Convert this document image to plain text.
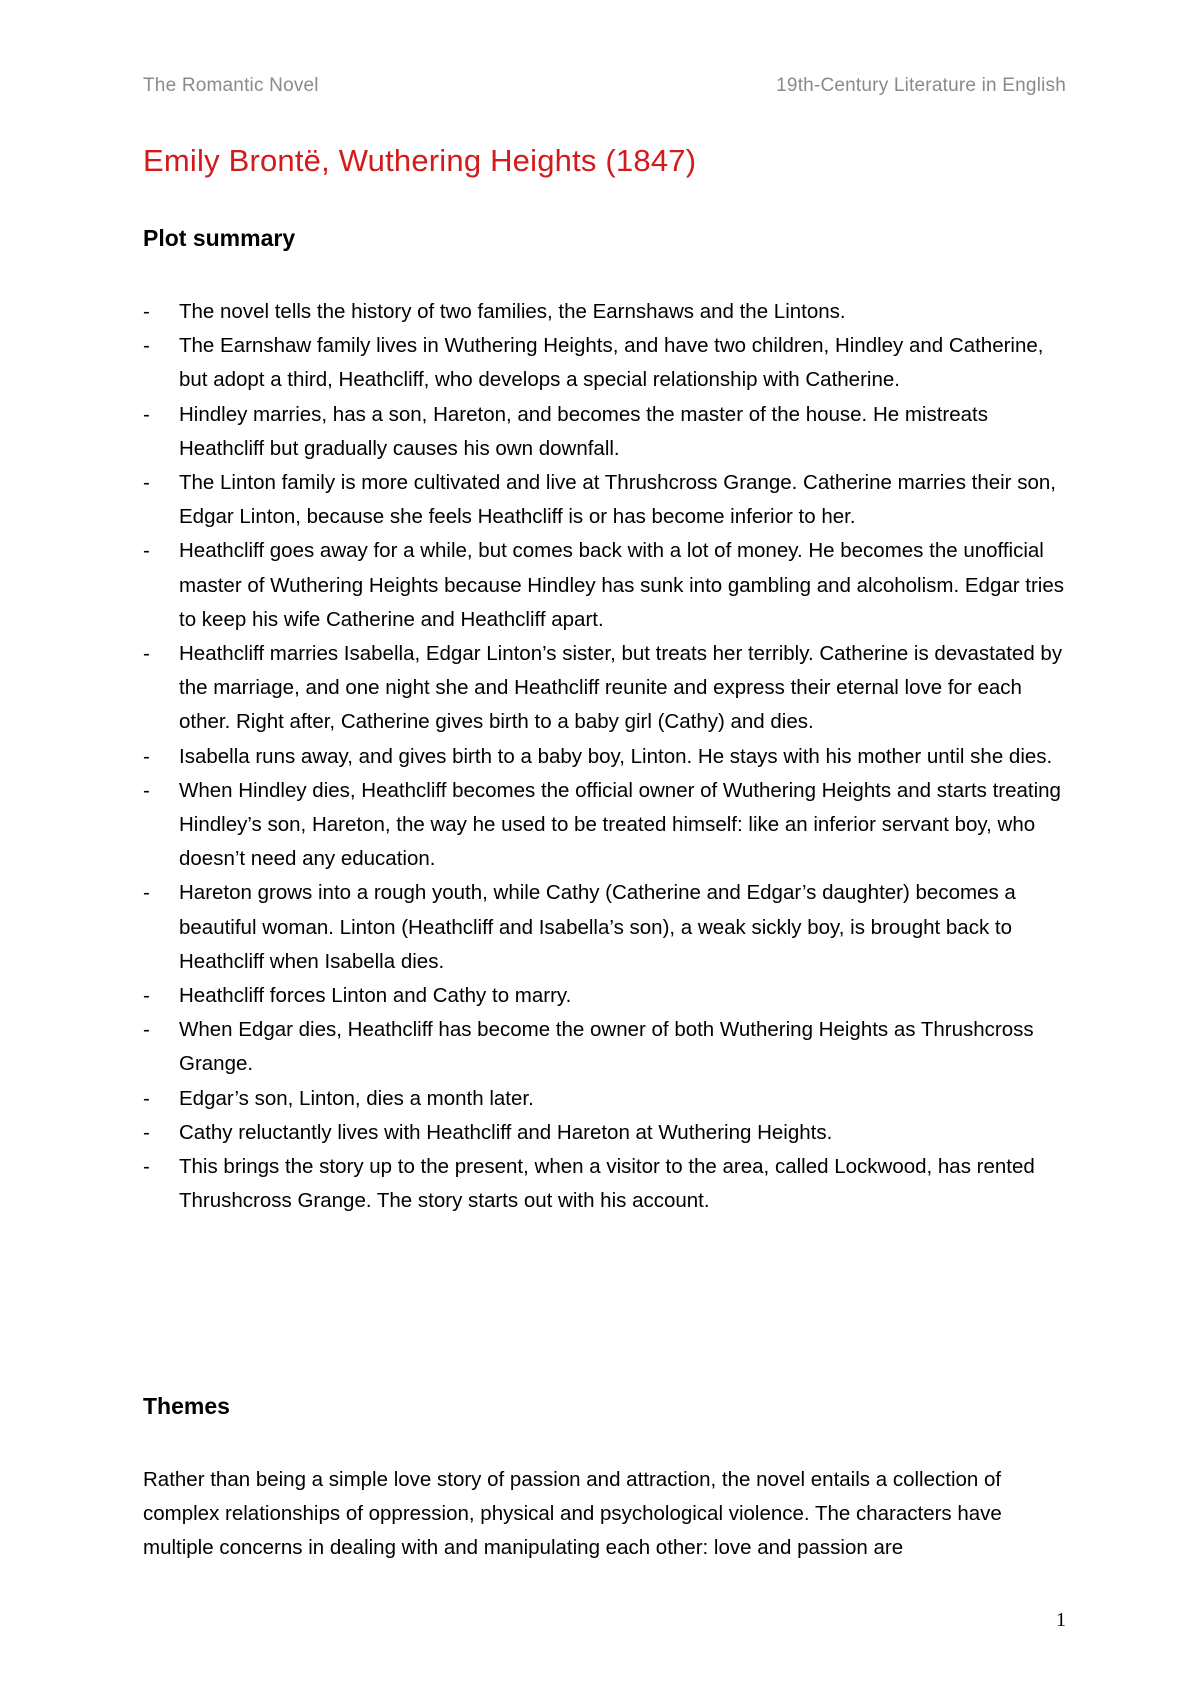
The Romantic Novel	19th-Century Literature in English
Emily Brontë, Wuthering Heights (1847)
Plot summary
- The novel tells the history of two families, the Earnshaws and the Lintons.
- The Earnshaw family lives in Wuthering Heights, and have two children, Hindley and Catherine, but adopt a third, Heathcliff, who develops a special relationship with Catherine.
- Hindley marries, has a son, Hareton, and becomes the master of the house. He mistreats Heathcliff but gradually causes his own downfall.
- The Linton family is more cultivated and live at Thrushcross Grange. Catherine marries their son, Edgar Linton, because she feels Heathcliff is or has become inferior to her.
- Heathcliff goes away for a while, but comes back with a lot of money. He becomes the unofficial master of Wuthering Heights because Hindley has sunk into gambling and alcoholism. Edgar tries to keep his wife Catherine and Heathcliff apart.
- Heathcliff marries Isabella, Edgar Linton’s sister, but treats her terribly. Catherine is devastated by the marriage, and one night she and Heathcliff reunite and express their eternal love for each other. Right after, Catherine gives birth to a baby girl (Cathy) and dies.
- Isabella runs away, and gives birth to a baby boy, Linton. He stays with his mother until she dies.
- When Hindley dies, Heathcliff becomes the official owner of Wuthering Heights and starts treating Hindley’s son, Hareton, the way he used to be treated himself: like an inferior servant boy, who doesn’t need any education.
- Hareton grows into a rough youth, while Cathy (Catherine and Edgar’s daughter) becomes a beautiful woman. Linton (Heathcliff and Isabella’s son), a weak sickly boy, is brought back to Heathcliff when Isabella dies.
- Heathcliff forces Linton and Cathy to marry.
- When Edgar dies, Heathcliff has become the owner of both Wuthering Heights as Thrushcross Grange.
- Edgar’s son, Linton, dies a month later.
- Cathy reluctantly lives with Heathcliff and Hareton at Wuthering Heights.
- This brings the story up to the present, when a visitor to the area, called Lockwood, has rented Thrushcross Grange. The story starts out with his account.
Themes

Rather than being a simple love story of passion and attraction, the novel entails a collection of complex relationships of oppression, physical and psychological violence. The characters have multiple concerns in dealing with and manipulating each other: love and passion are

1
